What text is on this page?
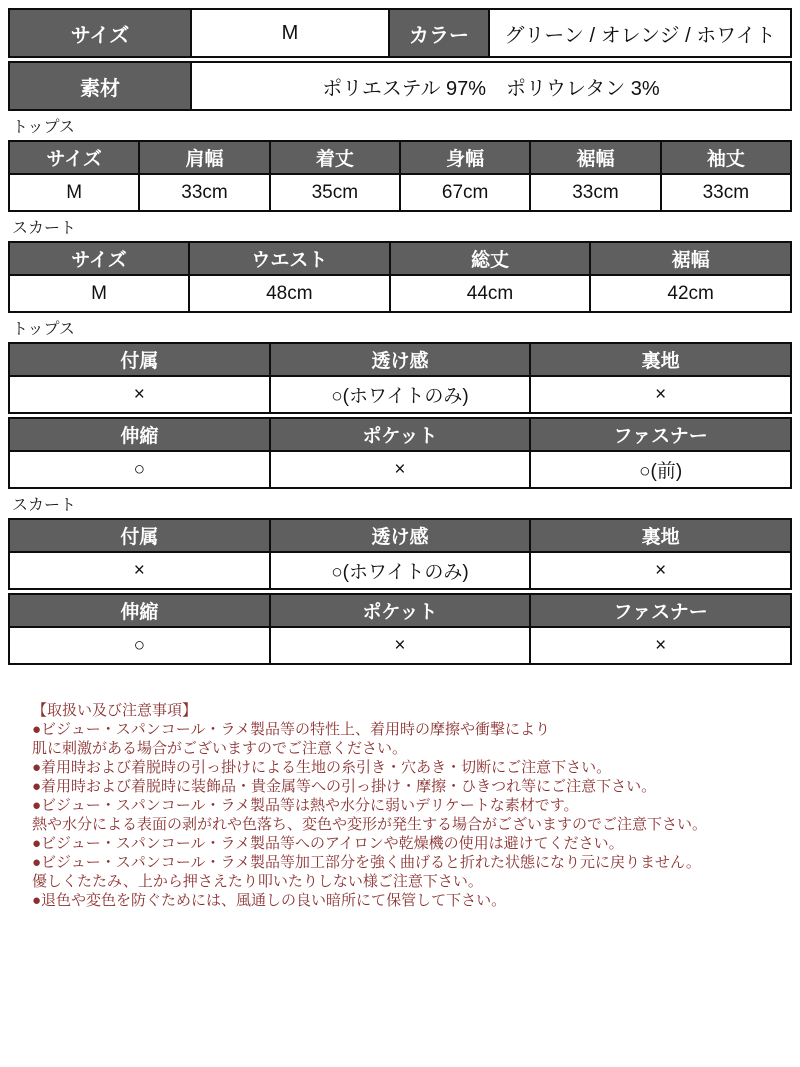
サイズ	M	カラー	グリーン / オレンジ / ホワイト
素材	ポリエステル 97%　ポリウレタン 3%
トップス
サイズ	肩幅	着丈	身幅	裾幅	袖丈
M	33cm	35cm	67cm	33cm	33cm
スカート
サイズ	ウエスト	総丈	裾幅
M	48cm	44cm	42cm
トップス
付属	透け感	裏地
×	○(ホワイトのみ)	×
伸縮	ポケット	ファスナー
○	×	○(前)
スカート
付属	透け感	裏地
×	○(ホワイトのみ)	×
伸縮	ポケット	ファスナー
○	×	×
【取扱い及び注意事項】
●ビジュー・スパンコール・ラメ製品等の特性上、着用時の摩擦や衝撃により
肌に刺激がある場合がございますのでご注意ください。
●着用時および着脱時の引っ掛けによる生地の糸引き・穴あき・切断にご注意下さい。
●着用時および着脱時に装飾品・貴金属等への引っ掛け・摩擦・ひきつれ等にご注意下さい。
●ビジュー・スパンコール・ラメ製品等は熱や水分に弱いデリケートな素材です。
熱や水分による表面の剥がれや色落ち、変色や変形が発生する場合がございますのでご注意下さい。
●ビジュー・スパンコール・ラメ製品等へのアイロンや乾燥機の使用は避けてください。
●ビジュー・スパンコール・ラメ製品等加工部分を強く曲げると折れた状態になり元に戻りません。
優しくたたみ、上から押さえたり叩いたりしない様ご注意下さい。
●退色や変色を防ぐためには、風通しの良い暗所にて保管して下さい。
